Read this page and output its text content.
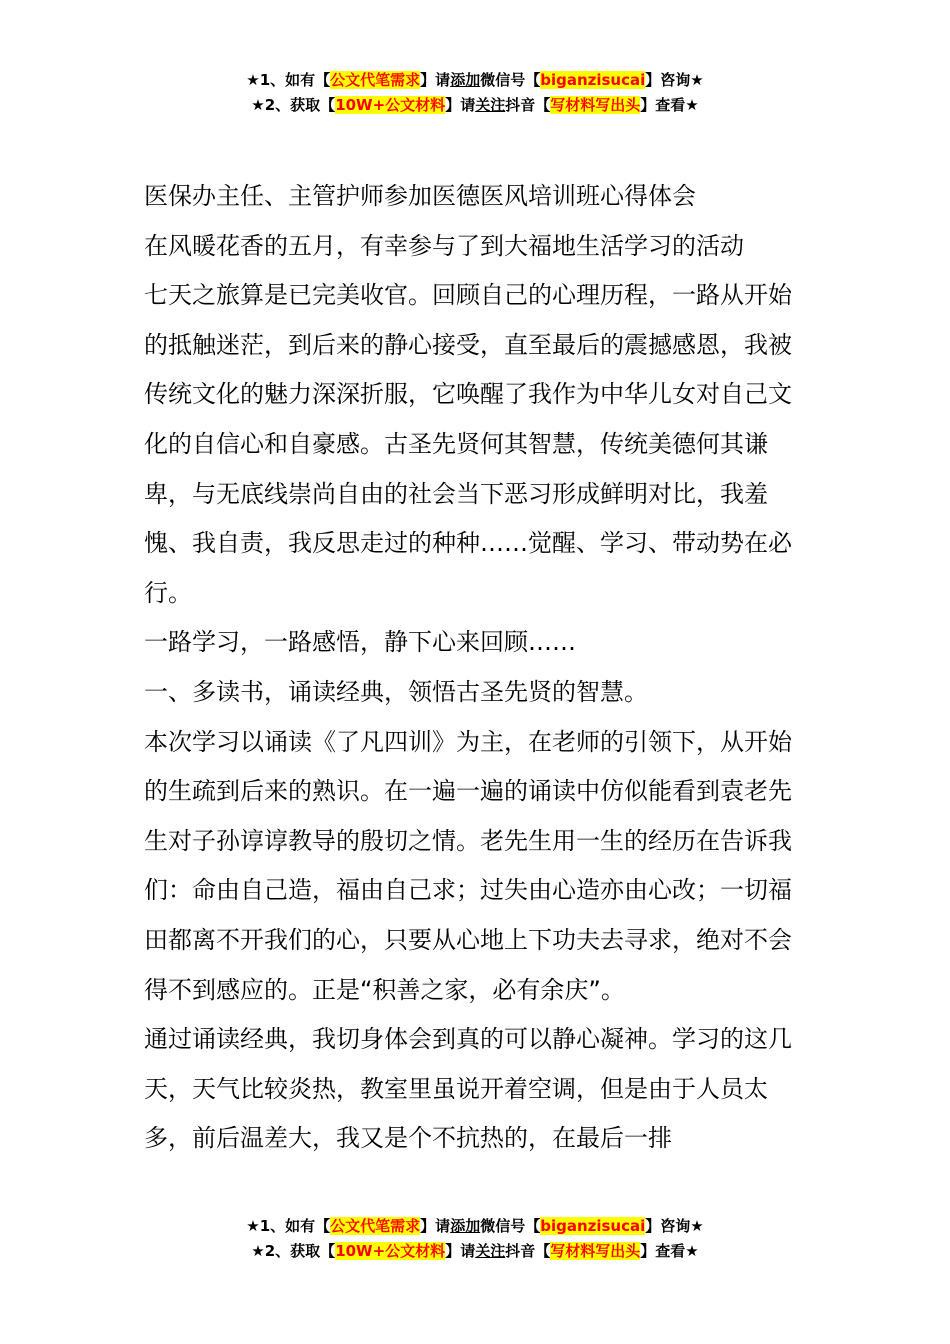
★1、如有【公文代笔需求】请添加微信号【biganzisucai】咨询★
★2、获取【10W+公文材料】请关注抖音【写材料写出头】查看★

医保办主任、主管护师参加医德医风培训班心得体会

在风暖花香的五月，有幸参与了到大福地生活学习的活动

七天之旅算是已完美收官。回顾自己的心理历程，一路从开始的抵触迷茫，到后来的静心接受，直至最后的震撼感恩，我被传统文化的魅力深深折服，它唤醒了我作为中华儿女对自己文化的自信心和自豪感。古圣先贤何其智慧，传统美德何其谦卑，与无底线崇尚自由的社会当下恶习形成鲜明对比，我羞愧、我自责，我反思走过的种种……觉醒、学习、带动势在必行。

一路学习，一路感悟，静下心来回顾……

一、多读书，诵读经典，领悟古圣先贤的智慧。

本次学习以诵读《了凡四训》为主，在老师的引领下，从开始的生疏到后来的熟识。在一遍一遍的诵读中仿似能看到袁老先生对子孙谆谆教导的殷切之情。老先生用一生的经历在告诉我们：命由自己造，福由自己求；过失由心造亦由心改；一切福田都离不开我们的心，只要从心地上下功夫去寻求，绝对不会得不到感应的。正是“积善之家，必有余庆”。

通过诵读经典，我切身体会到真的可以静心凝神。学习的这几天，天气比较炎热，教室里虽说开着空调，但是由于人员太多，前后温差大，我又是个不抗热的，在最后一排

★1、如有【公文代笔需求】请添加微信号【biganzisucai】咨询★
★2、获取【10W+公文材料】请关注抖音【写材料写出头】查看★
